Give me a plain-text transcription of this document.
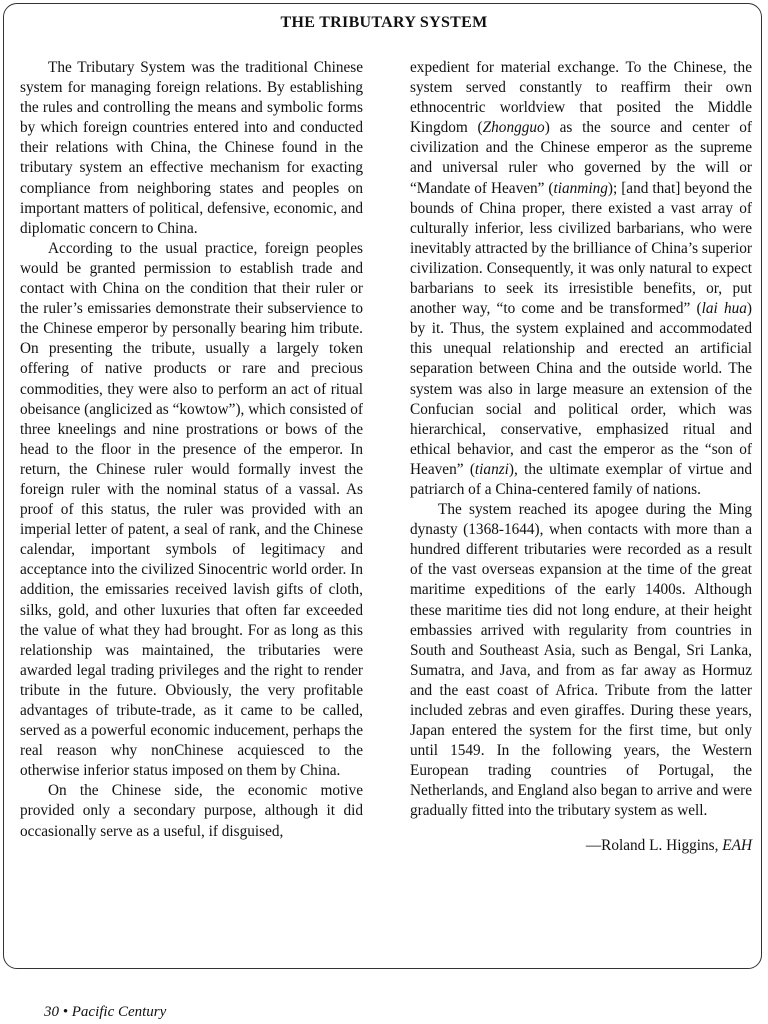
THE TRIBUTARY SYSTEM

The Tributary System was the traditional Chinese system for managing foreign relations. By establishing the rules and controlling the means and symbolic forms by which foreign countries entered into and conducted their relations with China, the Chinese found in the tributary system an effective mechanism for exacting compliance from neighboring states and peoples on important matters of political, defensive, economic, and diplomatic concern to China.

According to the usual practice, foreign peoples would be granted permission to establish trade and contact with China on the condition that their ruler or the ruler’s emissaries demonstrate their subservience to the Chinese emperor by personally bearing him tribute. On presenting the tribute, usually a largely token offering of native products or rare and precious commodities, they were also to perform an act of ritual obeisance (anglicized as “kowtow”), which consisted of three kneelings and nine prostrations or bows of the head to the floor in the presence of the emperor. In return, the Chinese ruler would formally invest the foreign ruler with the nominal status of a vassal. As proof of this status, the ruler was provided with an imperial letter of patent, a seal of rank, and the Chinese calendar, important symbols of legitimacy and acceptance into the civilized Sinocentric world order. In addition, the emissaries received lavish gifts of cloth, silks, gold, and other luxuries that often far exceeded the value of what they had brought. For as long as this relationship was maintained, the tributaries were awarded legal trading privileges and the right to render tribute in the future. Obviously, the very profitable advantages of tribute-trade, as it came to be called, served as a powerful economic inducement, perhaps the real reason why nonChinese acquiesced to the otherwise inferior status imposed on them by China.

On the Chinese side, the economic motive provided only a secondary purpose, although it did occasionally serve as a useful, if disguised,

expedient for material exchange. To the Chinese, the system served constantly to reaffirm their own ethnocentric worldview that posited the Middle Kingdom (Zhongguo) as the source and center of civilization and the Chinese emperor as the supreme and universal ruler who governed by the will or “Mandate of Heaven” (tianming); [and that] beyond the bounds of China proper, there existed a vast array of culturally inferior, less civilized barbarians, who were inevitably attracted by the brilliance of China’s superior civilization. Consequently, it was only natural to expect barbarians to seek its irresistible benefits, or, put another way, “to come and be transformed” (lai hua) by it. Thus, the system explained and accommodated this unequal relationship and erected an artificial separation between China and the outside world. The system was also in large measure an extension of the Confucian social and political order, which was hierarchical, conservative, emphasized ritual and ethical behavior, and cast the emperor as the “son of Heaven” (tianzi), the ultimate exemplar of virtue and patriarch of a China-centered family of nations.

The system reached its apogee during the Ming dynasty (1368-1644), when contacts with more than a hundred different tributaries were recorded as a result of the vast overseas expansion at the time of the great maritime expeditions of the early 1400s. Although these maritime ties did not long endure, at their height embassies arrived with regularity from countries in South and Southeast Asia, such as Bengal, Sri Lanka, Sumatra, and Java, and from as far away as Hormuz and the east coast of Africa. Tribute from the latter included zebras and even giraffes. During these years, Japan entered the system for the first time, but only until 1549. In the following years, the Western European trading countries of Portugal, the Netherlands, and England also began to arrive and were gradually fitted into the tributary system as well.

—Roland L. Higgins, EAH
30 • Pacific Century
